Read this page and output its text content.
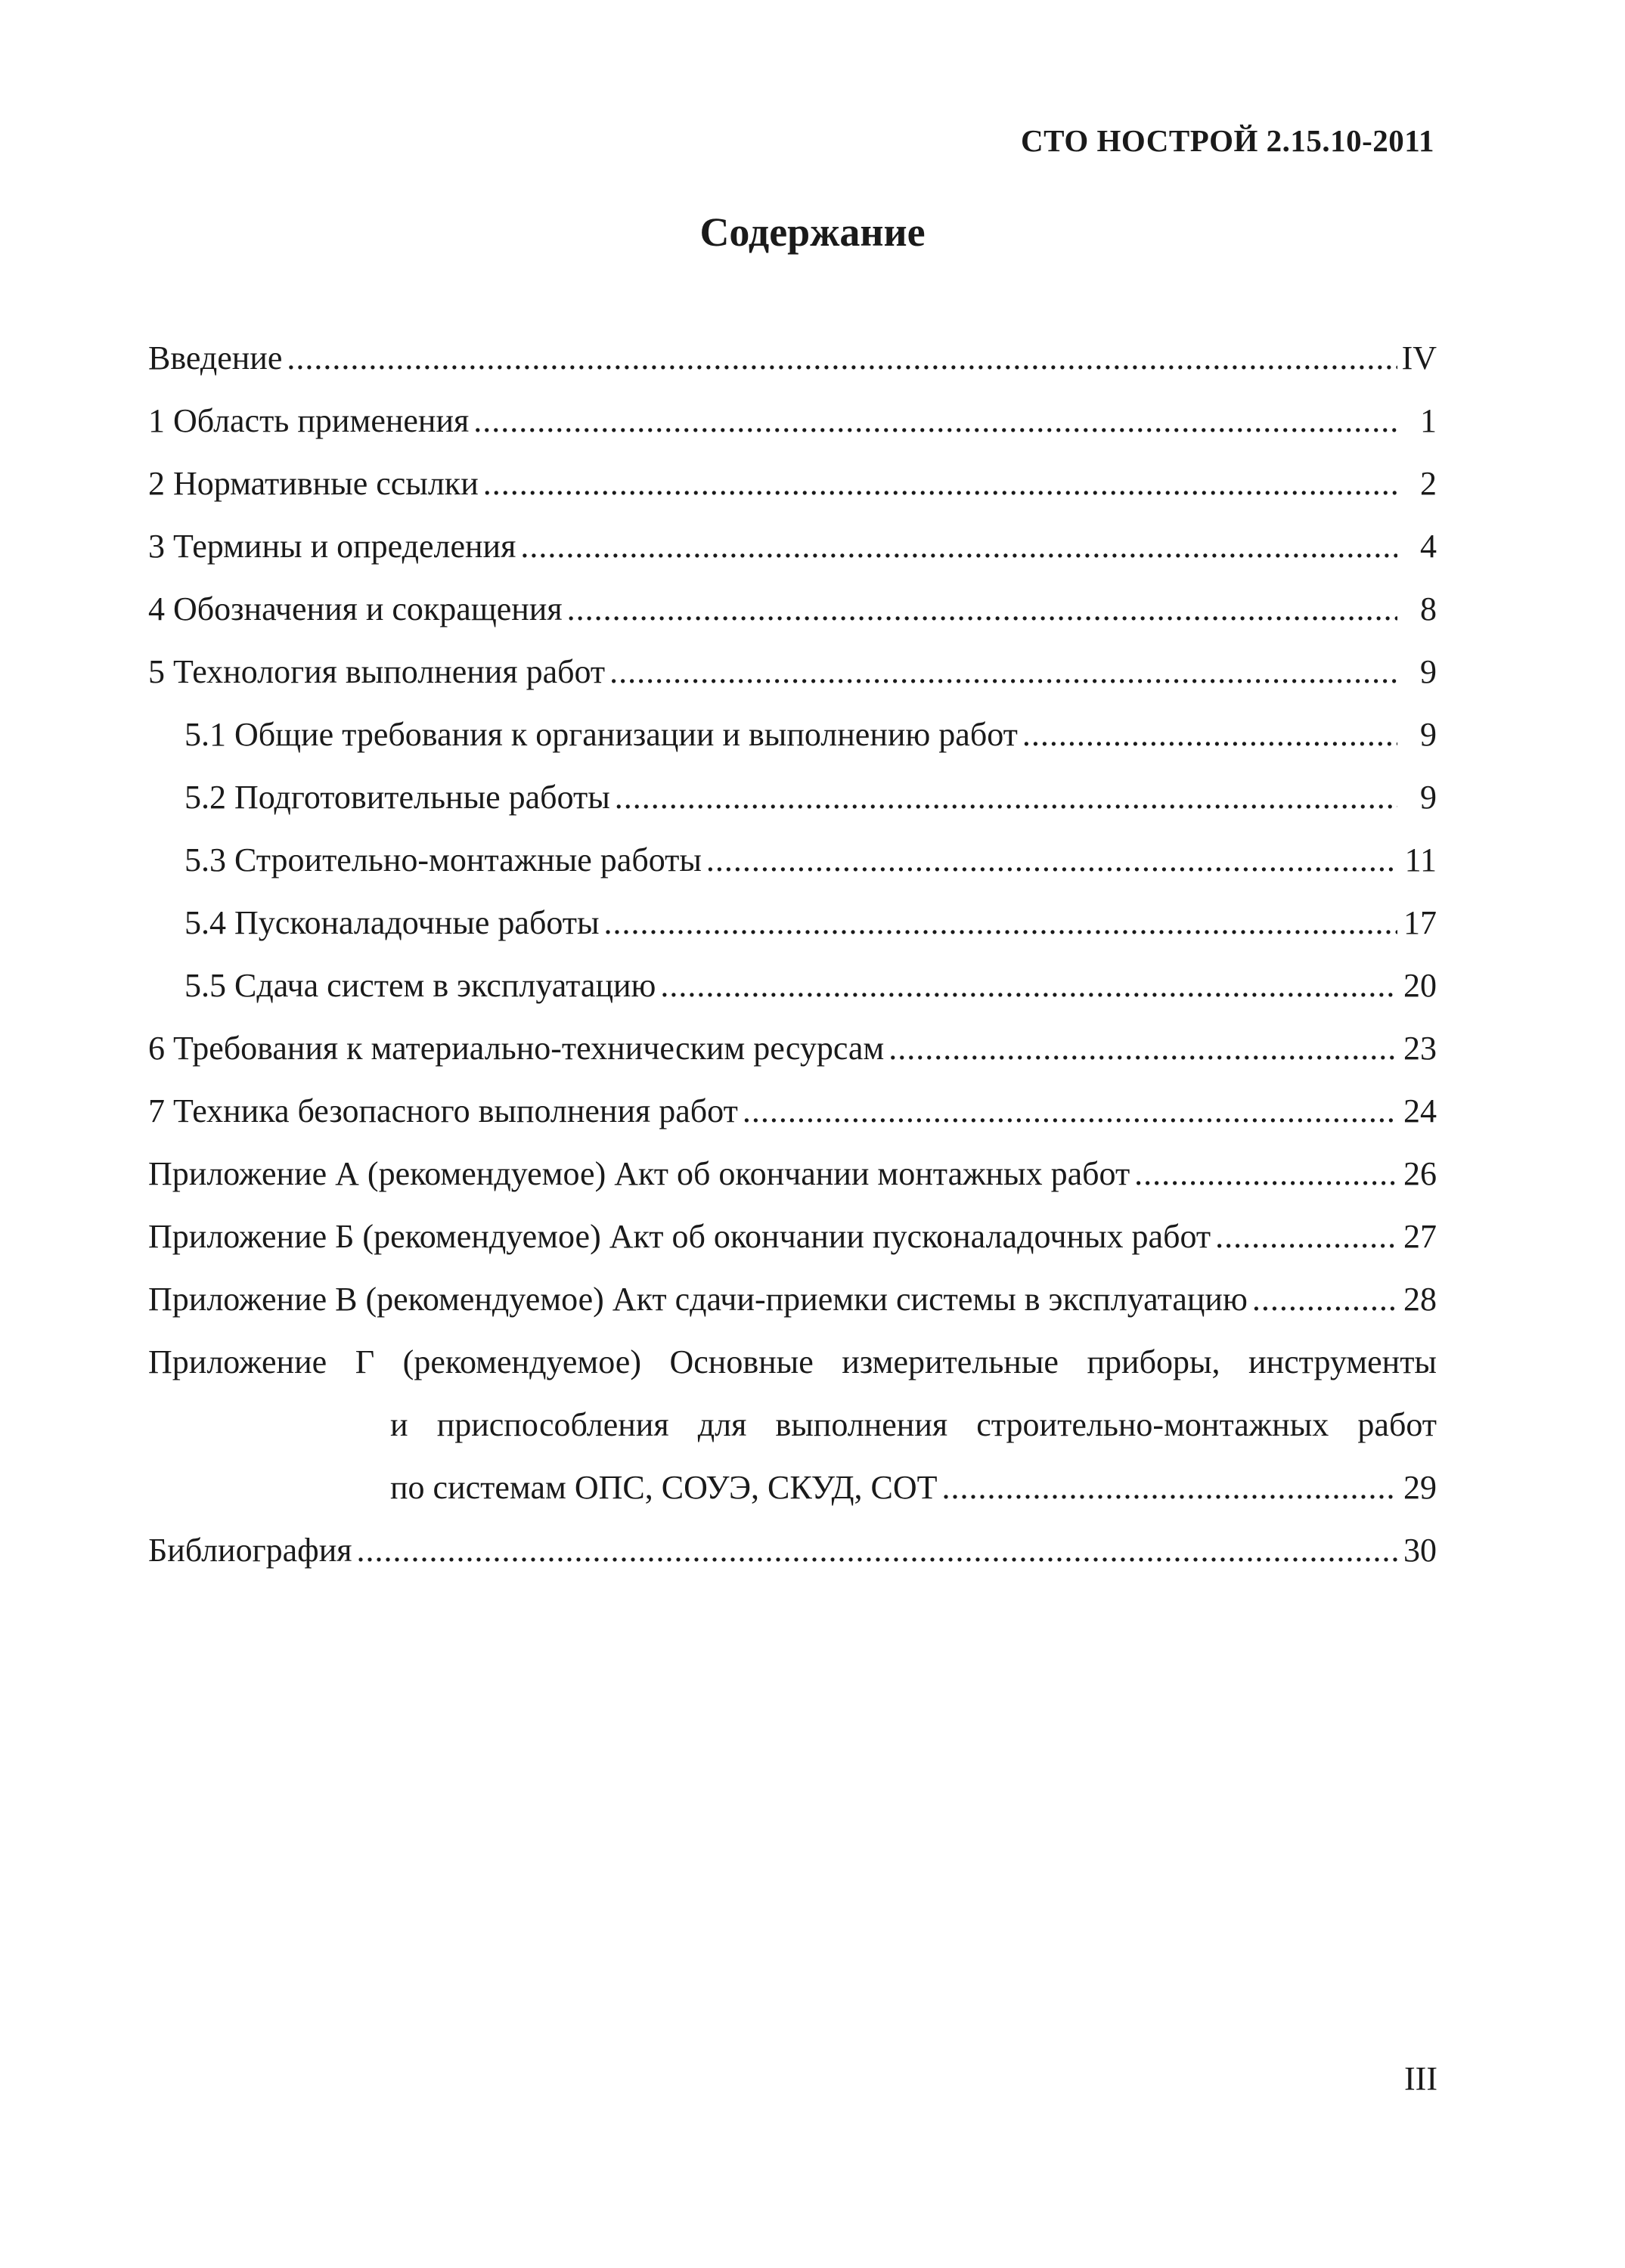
СТО НОСТРОЙ 2.15.10-2011
Содержание
Введение .....	IV
1 Область применения .....	1
2 Нормативные ссылки .....	2
3 Термины и определения .....	4
4 Обозначения и сокращения .....	8
5 Технология выполнения работ .....	9
5.1 Общие требования к организации и выполнению работ .....	9
5.2 Подготовительные работы .....	9
5.3 Строительно-монтажные работы .....	11
5.4 Пусконаладочные работы .....	17
5.5 Сдача систем в эксплуатацию .....	20
6 Требования к материально-техническим ресурсам .....	23
7 Техника безопасного выполнения работ .....	24
Приложение А (рекомендуемое) Акт об окончании монтажных работ .....	26
Приложение Б (рекомендуемое) Акт об окончании пусконаладочных работ .....	27
Приложение В (рекомендуемое) Акт сдачи-приемки системы в эксплуатацию .....	28
Приложение Г (рекомендуемое) Основные измерительные приборы, инструменты
и приспособления для выполнения строительно-монтажных работ
по системам ОПС, СОУЭ, СКУД, СОТ .....	29
Библиография .....	30
III
